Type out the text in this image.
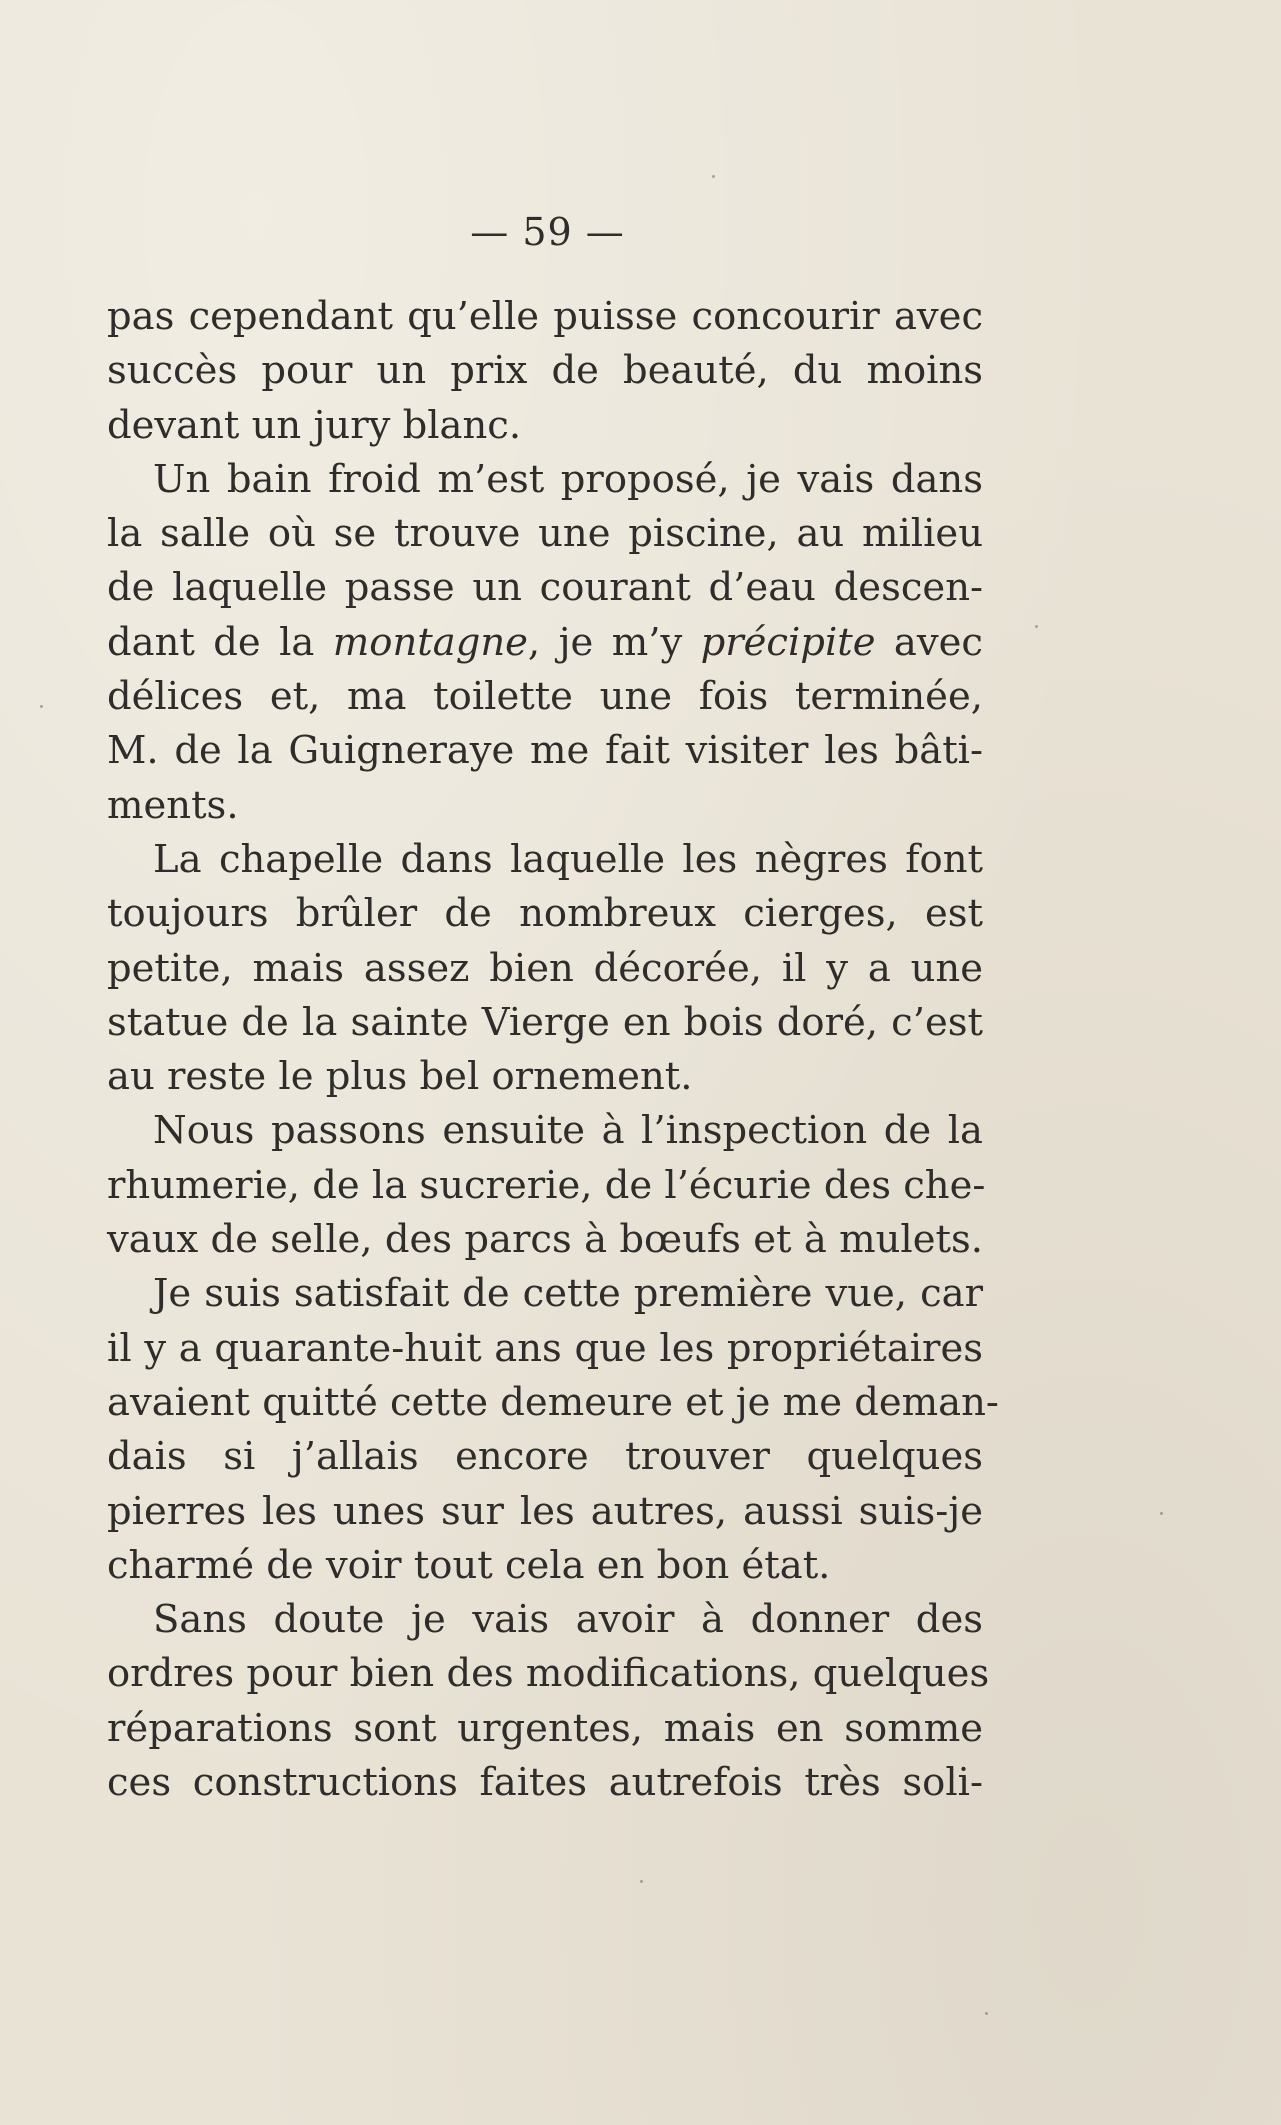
— 59 —
pas cependant qu’elle puisse concourir avec
succès pour un prix de beauté, du moins
devant un jury blanc.
Un bain froid m’est proposé, je vais dans
la salle où se trouve une piscine, au milieu
de laquelle passe un courant d’eau descen-
dant de la montagne, je m’y précipite avec
délices et, ma toilette une fois terminée,
M. de la Guigneraye me fait visiter les bâti-
ments.
La chapelle dans laquelle les nègres font
toujours brûler de nombreux cierges, est
petite, mais assez bien décorée, il y a une
statue de la sainte Vierge en bois doré, c’est
au reste le plus bel ornement.
Nous passons ensuite à l’inspection de la
rhumerie, de la sucrerie, de l’écurie des che-
vaux de selle, des parcs à bœufs et à mulets.
Je suis satisfait de cette première vue, car
il y a quarante-huit ans que les propriétaires
avaient quitté cette demeure et je me deman-
dais si j’allais encore trouver quelques
pierres les unes sur les autres, aussi suis-je
charmé de voir tout cela en bon état.
Sans doute je vais avoir à donner des
ordres pour bien des modifications, quelques
réparations sont urgentes, mais en somme
ces constructions faites autrefois très soli-
